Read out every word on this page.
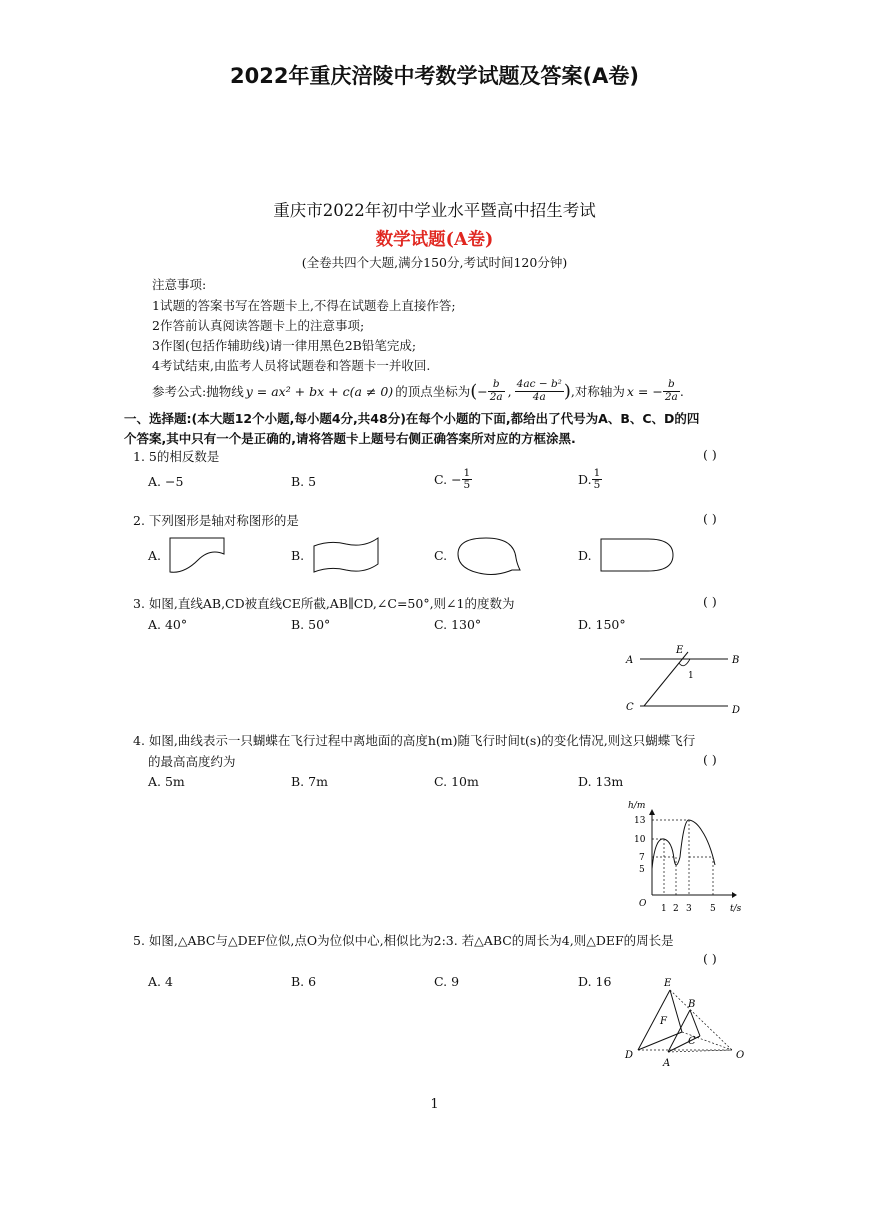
2022年重庆涪陵中考数学试题及答案(A卷)
重庆市2022年初中学业水平暨高中招生考试
数学试题(A卷)
(全卷共四个大题,满分150分,考试时间120分钟)
注意事项:
1试题的答案书写在答题卡上,不得在试题卷上直接作答;
2作答前认真阅读答题卡上的注意事项;
3作图(包括作辅助线)请一律用黑色2B铅笔完成;
4考试结束,由监考人员将试题卷和答题卡一并收回.
参考公式:抛物线 y = ax² + bx + c(a ≠ 0) 的顶点坐标为 ( − $\frac{b}{2a}$ , $\frac{\text{4ac − b²}}{4a}$ ) ,对称轴为 x = − $\frac{b}{2a}$ .
一、选择题:(本大题12个小题,每小题4分,共48分)在每个小题的下面,都给出了代号为A、B、C、D的四
个答案,其中只有一个是正确的,请将答题卡上题号右侧正确答案所对应的方框涂黑.
1. 5的相反数是	( )
A. −5	B. 5	C. − $\frac{1}{5}$	D. $\frac{1}{5}$
2. 下列图形是轴对称图形的是	( )
A.	B.	C.	D.
3. 如图,直线AB,CD被直线CE所截,AB∥CD,∠C=50°,则∠1的度数为	( )
A. 40°	B. 50°	C. 130°	D. 150°
A	B
C	D
E
1
4. 如图,曲线表示一只蝴蝶在飞行过程中离地面的高度h(m)随飞行时间t(s)的变化情况,则这只蝴蝶飞行
的最高高度约为	( )
A. 5m	B. 7m	C. 10m	D. 13m
h/m
13
10
7
5
O 1 2 3 5 t/s
5. 如图,△ABC与△DEF位似,点O为位似中心,相似比为2:3. 若△ABC的周长为4,则△DEF的周长是
( )
A. 4	B. 6	C. 9	D. 16	E
B
F
C
D
A
O
1
